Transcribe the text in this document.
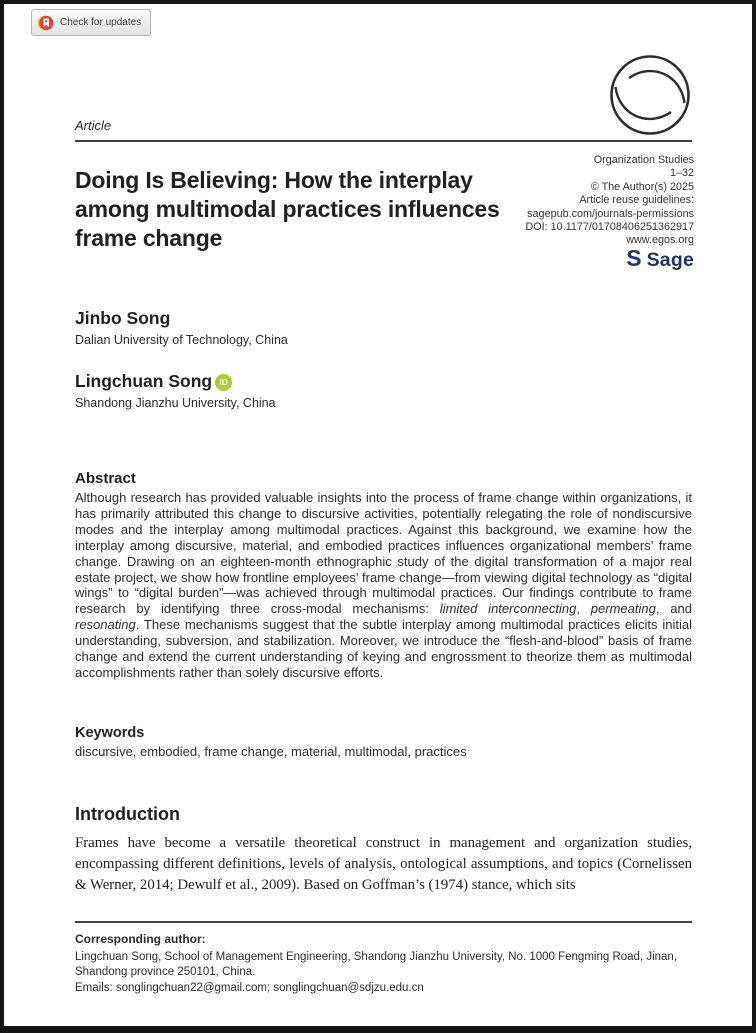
Check for updates
Article
Doing Is Believing: How the interplay among multimodal practices influences frame change
Organization Studies
1–32
© The Author(s) 2025
Article reuse guidelines:
sagepub.com/journals-permissions
DOI: 10.1177/01708406251362917
www.egos.org
S Sage
Jinbo Song
Dalian University of Technology, China
Lingchuan Song iD
Shandong Jianzhu University, China
Abstract
Although research has provided valuable insights into the process of frame change within organizations, it has primarily attributed this change to discursive activities, potentially relegating the role of nondiscursive modes and the interplay among multimodal practices. Against this background, we examine how the interplay among discursive, material, and embodied practices influences organizational members’ frame change. Drawing on an eighteen-month ethnographic study of the digital transformation of a major real estate project, we show how frontline employees’ frame change—from viewing digital technology as “digital wings” to “digital burden”—was achieved through multimodal practices. Our findings contribute to frame research by identifying three cross-modal mechanisms: limited interconnecting, permeating, and resonating. These mechanisms suggest that the subtle interplay among multimodal practices elicits initial understanding, subversion, and stabilization. Moreover, we introduce the “flesh-and-blood” basis of frame change and extend the current understanding of keying and engrossment to theorize them as multimodal accomplishments rather than solely discursive efforts.
Keywords
discursive, embodied, frame change, material, multimodal, practices
Introduction
Frames have become a versatile theoretical construct in management and organization studies, encompassing different definitions, levels of analysis, ontological assumptions, and topics (Cornelissen & Werner, 2014; Dewulf et al., 2009). Based on Goffman’s (1974) stance, which sits
Corresponding author:
Lingchuan Song, School of Management Engineering, Shandong Jianzhu University, No. 1000 Fengming Road, Jinan, Shandong province 250101, China.
Emails: songlingchuan22@gmail.com; songlingchuan@sdjzu.edu.cn
